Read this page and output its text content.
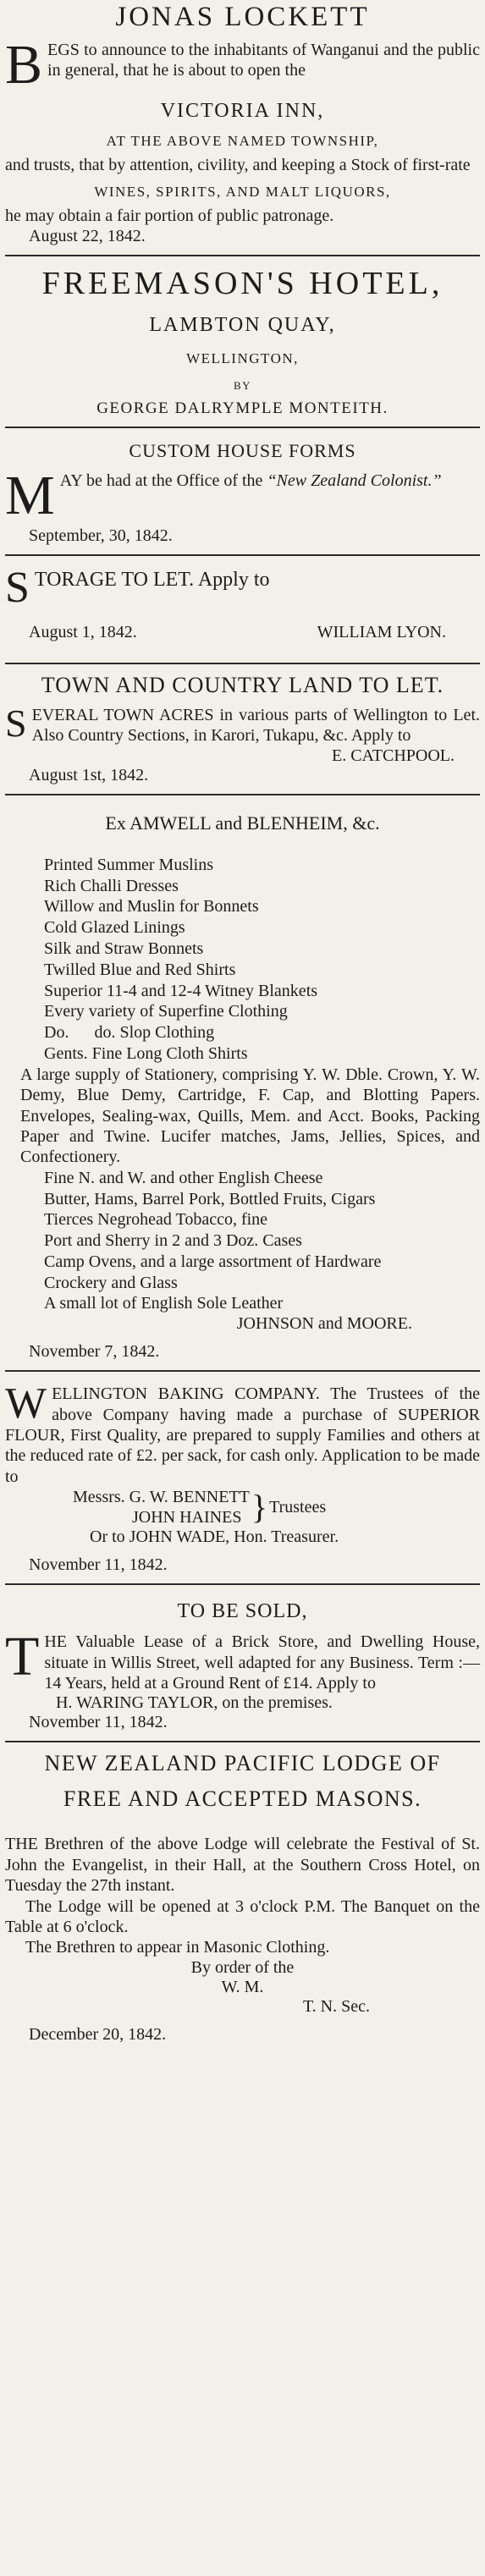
JONAS LOCKETT
BEGS to announce to the inhabitants of Wanganui and the public in general, that he is about to open the
VICTORIA INN,
AT THE ABOVE NAMED TOWNSHIP,
and trusts, that by attention, civility, and keeping a Stock of first-rate
WINES, SPIRITS, AND MALT LIQUORS,
he may obtain a fair portion of public patronage.
August 22, 1842.
FREEMASON'S HOTEL,
LAMBTON QUAY,
WELLINGTON,
BY
GEORGE DALRYMPLE MONTEITH.
CUSTOM HOUSE FORMS
MAY be had at the Office of the “New Zealand Colonist.”
September, 30, 1842.
STORAGE TO LET. Apply to
August 1, 1842.	WILLIAM LYON.
TOWN AND COUNTRY LAND TO LET.
SEVERAL TOWN ACRES in various parts of Wellington to Let. Also Country Sections, in Karori, Tukapu, &c. Apply to
E. CATCHPOOL.
August 1st, 1842.
Ex AMWELL and BLENHEIM, &c.
Printed Summer Muslins
Rich Challi Dresses
Willow and Muslin for Bonnets
Cold Glazed Linings
Silk and Straw Bonnets
Twilled Blue and Red Shirts
Superior 11-4 and 12-4 Witney Blankets
Every variety of Superfine Clothing
Do.      do. Slop Clothing
Gents. Fine Long Cloth Shirts
A large supply of Stationery, comprising Y. W. Dble. Crown, Y. W. Demy, Blue Demy, Cartridge, F. Cap, and Blotting Papers. Envelopes, Sealing-wax, Quills, Mem. and Acct. Books, Packing Paper and Twine. Lucifer matches, Jams, Jellies, Spices, and Confectionery.
Fine N. and W. and other English Cheese
Butter, Hams, Barrel Pork, Bottled Fruits, Cigars
Tierces Negrohead Tobacco, fine
Port and Sherry in 2 and 3 Doz. Cases
Camp Ovens, and a large assortment of Hardware
Crockery and Glass
A small lot of English Sole Leather
JOHNSON and MOORE.
November 7, 1842.
WELLINGTON BAKING COMPANY. The Trustees of the above Company having made a purchase of SUPERIOR FLOUR, First Quality, are prepared to supply Families and others at the reduced rate of £2. per sack, for cash only. Application to be made to
Messrs. G. W. BENNETT
JOHN HAINES } Trustees
Or to JOHN WADE, Hon. Treasurer.
November 11, 1842.
TO BE SOLD,
THE Valuable Lease of a Brick Store, and Dwelling House, situate in Willis Street, well adapted for any Business. Term :—14 Years, held at a Ground Rent of £14. Apply to
H. WARING TAYLOR, on the premises.
November 11, 1842.
NEW ZEALAND PACIFIC LODGE OF
FREE AND ACCEPTED MASONS.
THE Brethren of the above Lodge will celebrate the Festival of St. John the Evangelist, in their Hall, at the Southern Cross Hotel, on Tuesday the 27th instant.
The Lodge will be opened at 3 o'clock P.M. The Banquet on the Table at 6 o'clock.
The Brethren to appear in Masonic Clothing.
By order of the
W. M.
T. N. Sec.
December 20, 1842.
